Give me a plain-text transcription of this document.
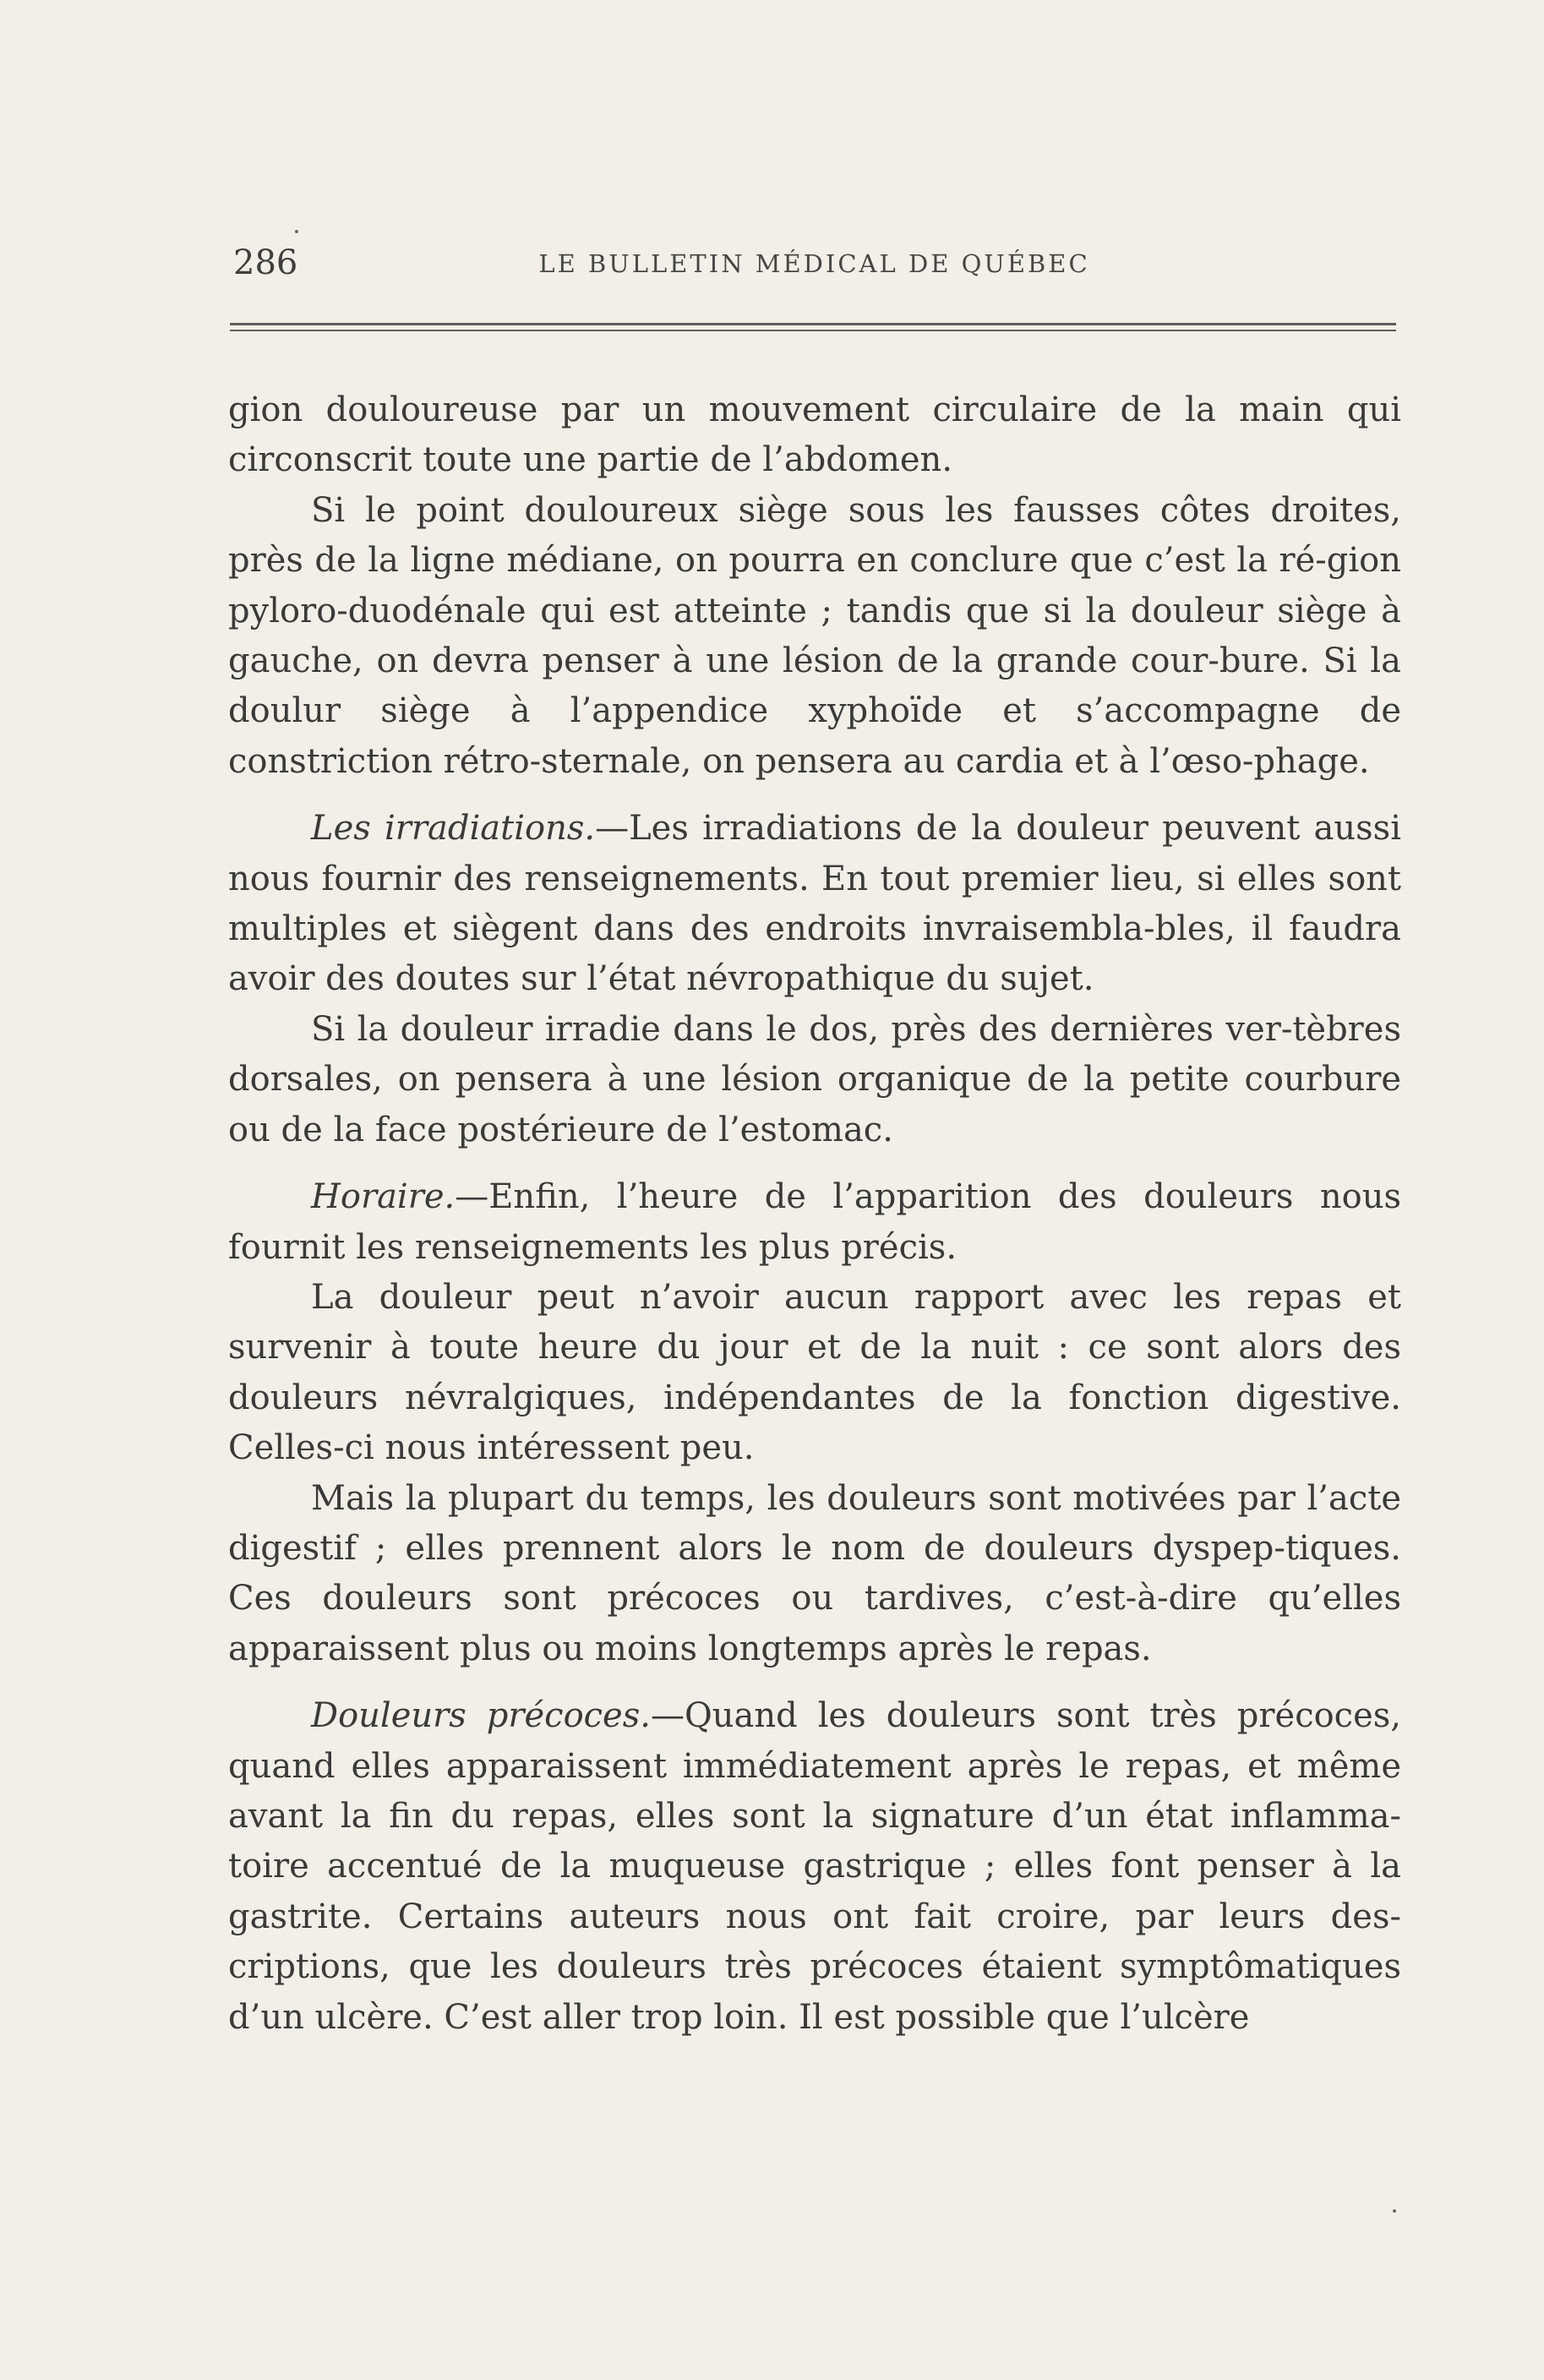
286	LE BULLETIN MÉDICAL DE QUÉBEC

gion douloureuse par un mouvement circulaire de la main qui circonscrit toute une partie de l’abdomen.

Si le point douloureux siège sous les fausses côtes droites, près de la ligne médiane, on pourra en conclure que c’est la ré-gion pyloro-duodénale qui est atteinte ; tandis que si la douleur siège à gauche, on devra penser à une lésion de la grande cour-bure. Si la doulur siège à l’appendice xyphoïde et s’accompagne de constriction rétro-sternale, on pensera au cardia et à l’œso-phage.

Les irradiations.—Les irradiations de la douleur peuvent aussi nous fournir des renseignements. En tout premier lieu, si elles sont multiples et siègent dans des endroits invraisembla-bles, il faudra avoir des doutes sur l’état névropathique du sujet.

Si la douleur irradie dans le dos, près des dernières ver-tèbres dorsales, on pensera à une lésion organique de la petite courbure ou de la face postérieure de l’estomac.

Horaire.—Enfin, l’heure de l’apparition des douleurs nous fournit les renseignements les plus précis.

La douleur peut n’avoir aucun rapport avec les repas et survenir à toute heure du jour et de la nuit : ce sont alors des douleurs névralgiques, indépendantes de la fonction digestive. Celles-ci nous intéressent peu.

Mais la plupart du temps, les douleurs sont motivées par l’acte digestif ; elles prennent alors le nom de douleurs dyspep-tiques. Ces douleurs sont précoces ou tardives, c’est-à-dire qu’elles apparaissent plus ou moins longtemps après le repas.

Douleurs précoces.—Quand les douleurs sont très précoces, quand elles apparaissent immédiatement après le repas, et même avant la fin du repas, elles sont la signature d’un état inflamma-toire accentué de la muqueuse gastrique ; elles font penser à la gastrite. Certains auteurs nous ont fait croire, par leurs des-criptions, que les douleurs très précoces étaient symptômatiques d’un ulcère. C’est aller trop loin. Il est possible que l’ulcère
